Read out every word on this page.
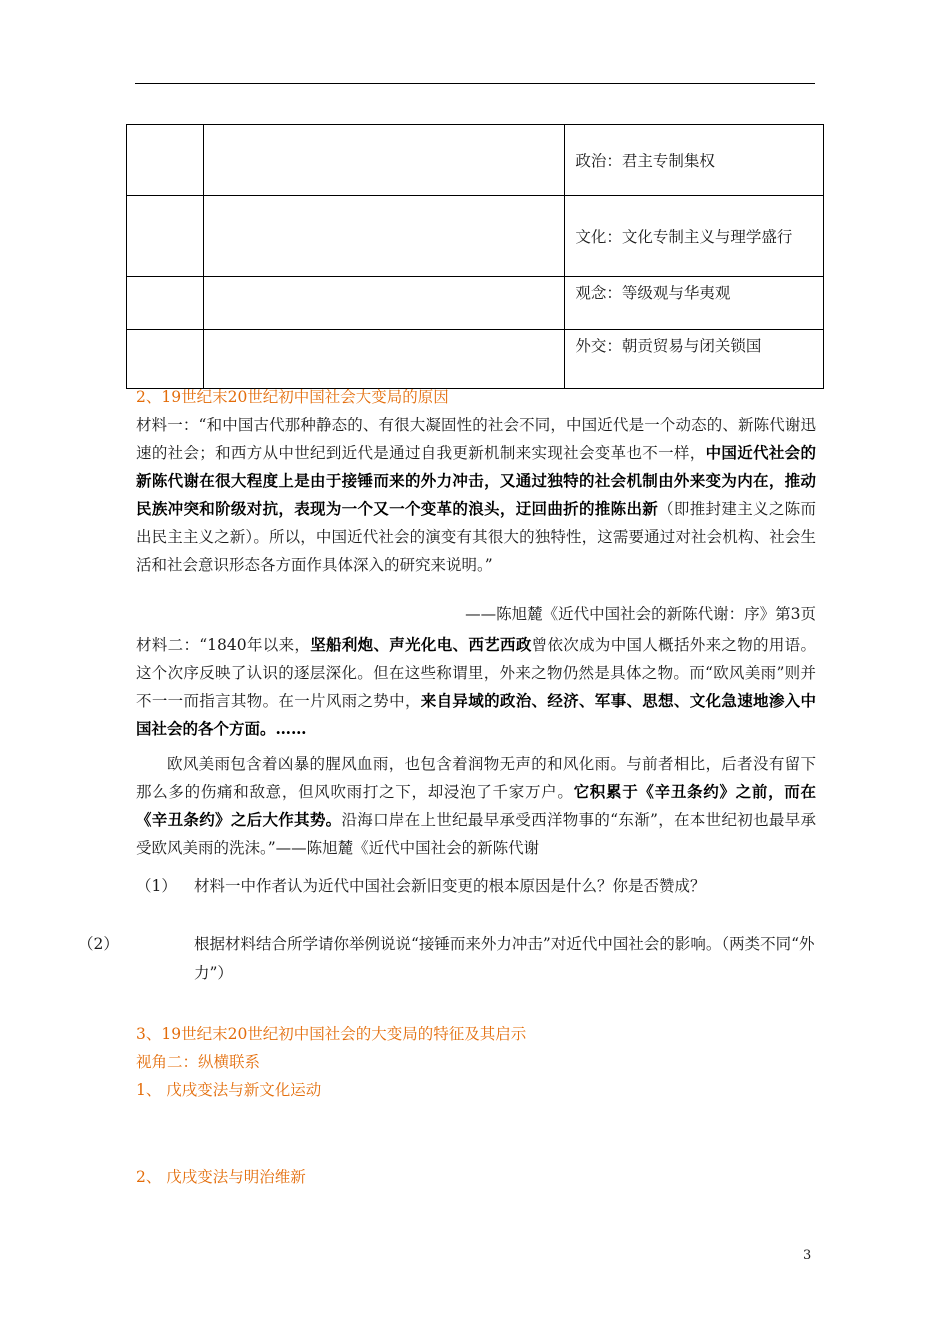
		政治：君主专制集权
		文化：文化专制主义与理学盛行
		观念：等级观与华夷观
		外交：朝贡贸易与闭关锁国
2、19世纪末20世纪初中国社会大变局的原因
材料一：“和中国古代那种静态的、有很大凝固性的社会不同，中国近代是一个动态的、新陈代谢迅速的社会；和西方从中世纪到近代是通过自我更新机制来实现社会变革也不一样，中国近代社会的新陈代谢在很大程度上是由于接锤而来的外力冲击，又通过独特的社会机制由外来变为内在，推动民族冲突和阶级对抗，表现为一个又一个变革的浪头，迂回曲折的推陈出新（即推封建主义之陈而出民主主义之新）。所以，中国近代社会的演变有其很大的独特性，这需要通过对社会机构、社会生活和社会意识形态各方面作具体深入的研究来说明。”
——陈旭麓《近代中国社会的新陈代谢：序》第3页
材料二：“1840年以来，坚船利炮、声光化电、西艺西政曾依次成为中国人概括外来之物的用语。这个次序反映了认识的逐层深化。但在这些称谓里，外来之物仍然是具体之物。而“欧风美雨”则并不一一而指言其物。在一片风雨之势中，来自异域的政治、经济、军事、思想、文化急速地渗入中国社会的各个方面。……
欧风美雨包含着凶暴的腥风血雨，也包含着润物无声的和风化雨。与前者相比，后者没有留下那么多的伤痛和敌意，但风吹雨打之下，却浸泡了千家万户。它积累于《辛丑条约》之前，而在《辛丑条约》之后大作其势。沿海口岸在上世纪最早承受西洋物事的“东渐”，在本世纪初也最早承受欧风美雨的洗沫。”——陈旭麓《近代中国社会的新陈代谢
（1） 材料一中作者认为近代中国社会新旧变更的根本原因是什么？你是否赞成？
（2）	根据材料结合所学请你举例说说“接锤而来外力冲击”对近代中国社会的影响。（两类不同“外力”）
3、19世纪末20世纪初中国社会的大变局的特征及其启示
视角二：纵横联系
1、 戊戌变法与新文化运动
2、 戊戌变法与明治维新
3
